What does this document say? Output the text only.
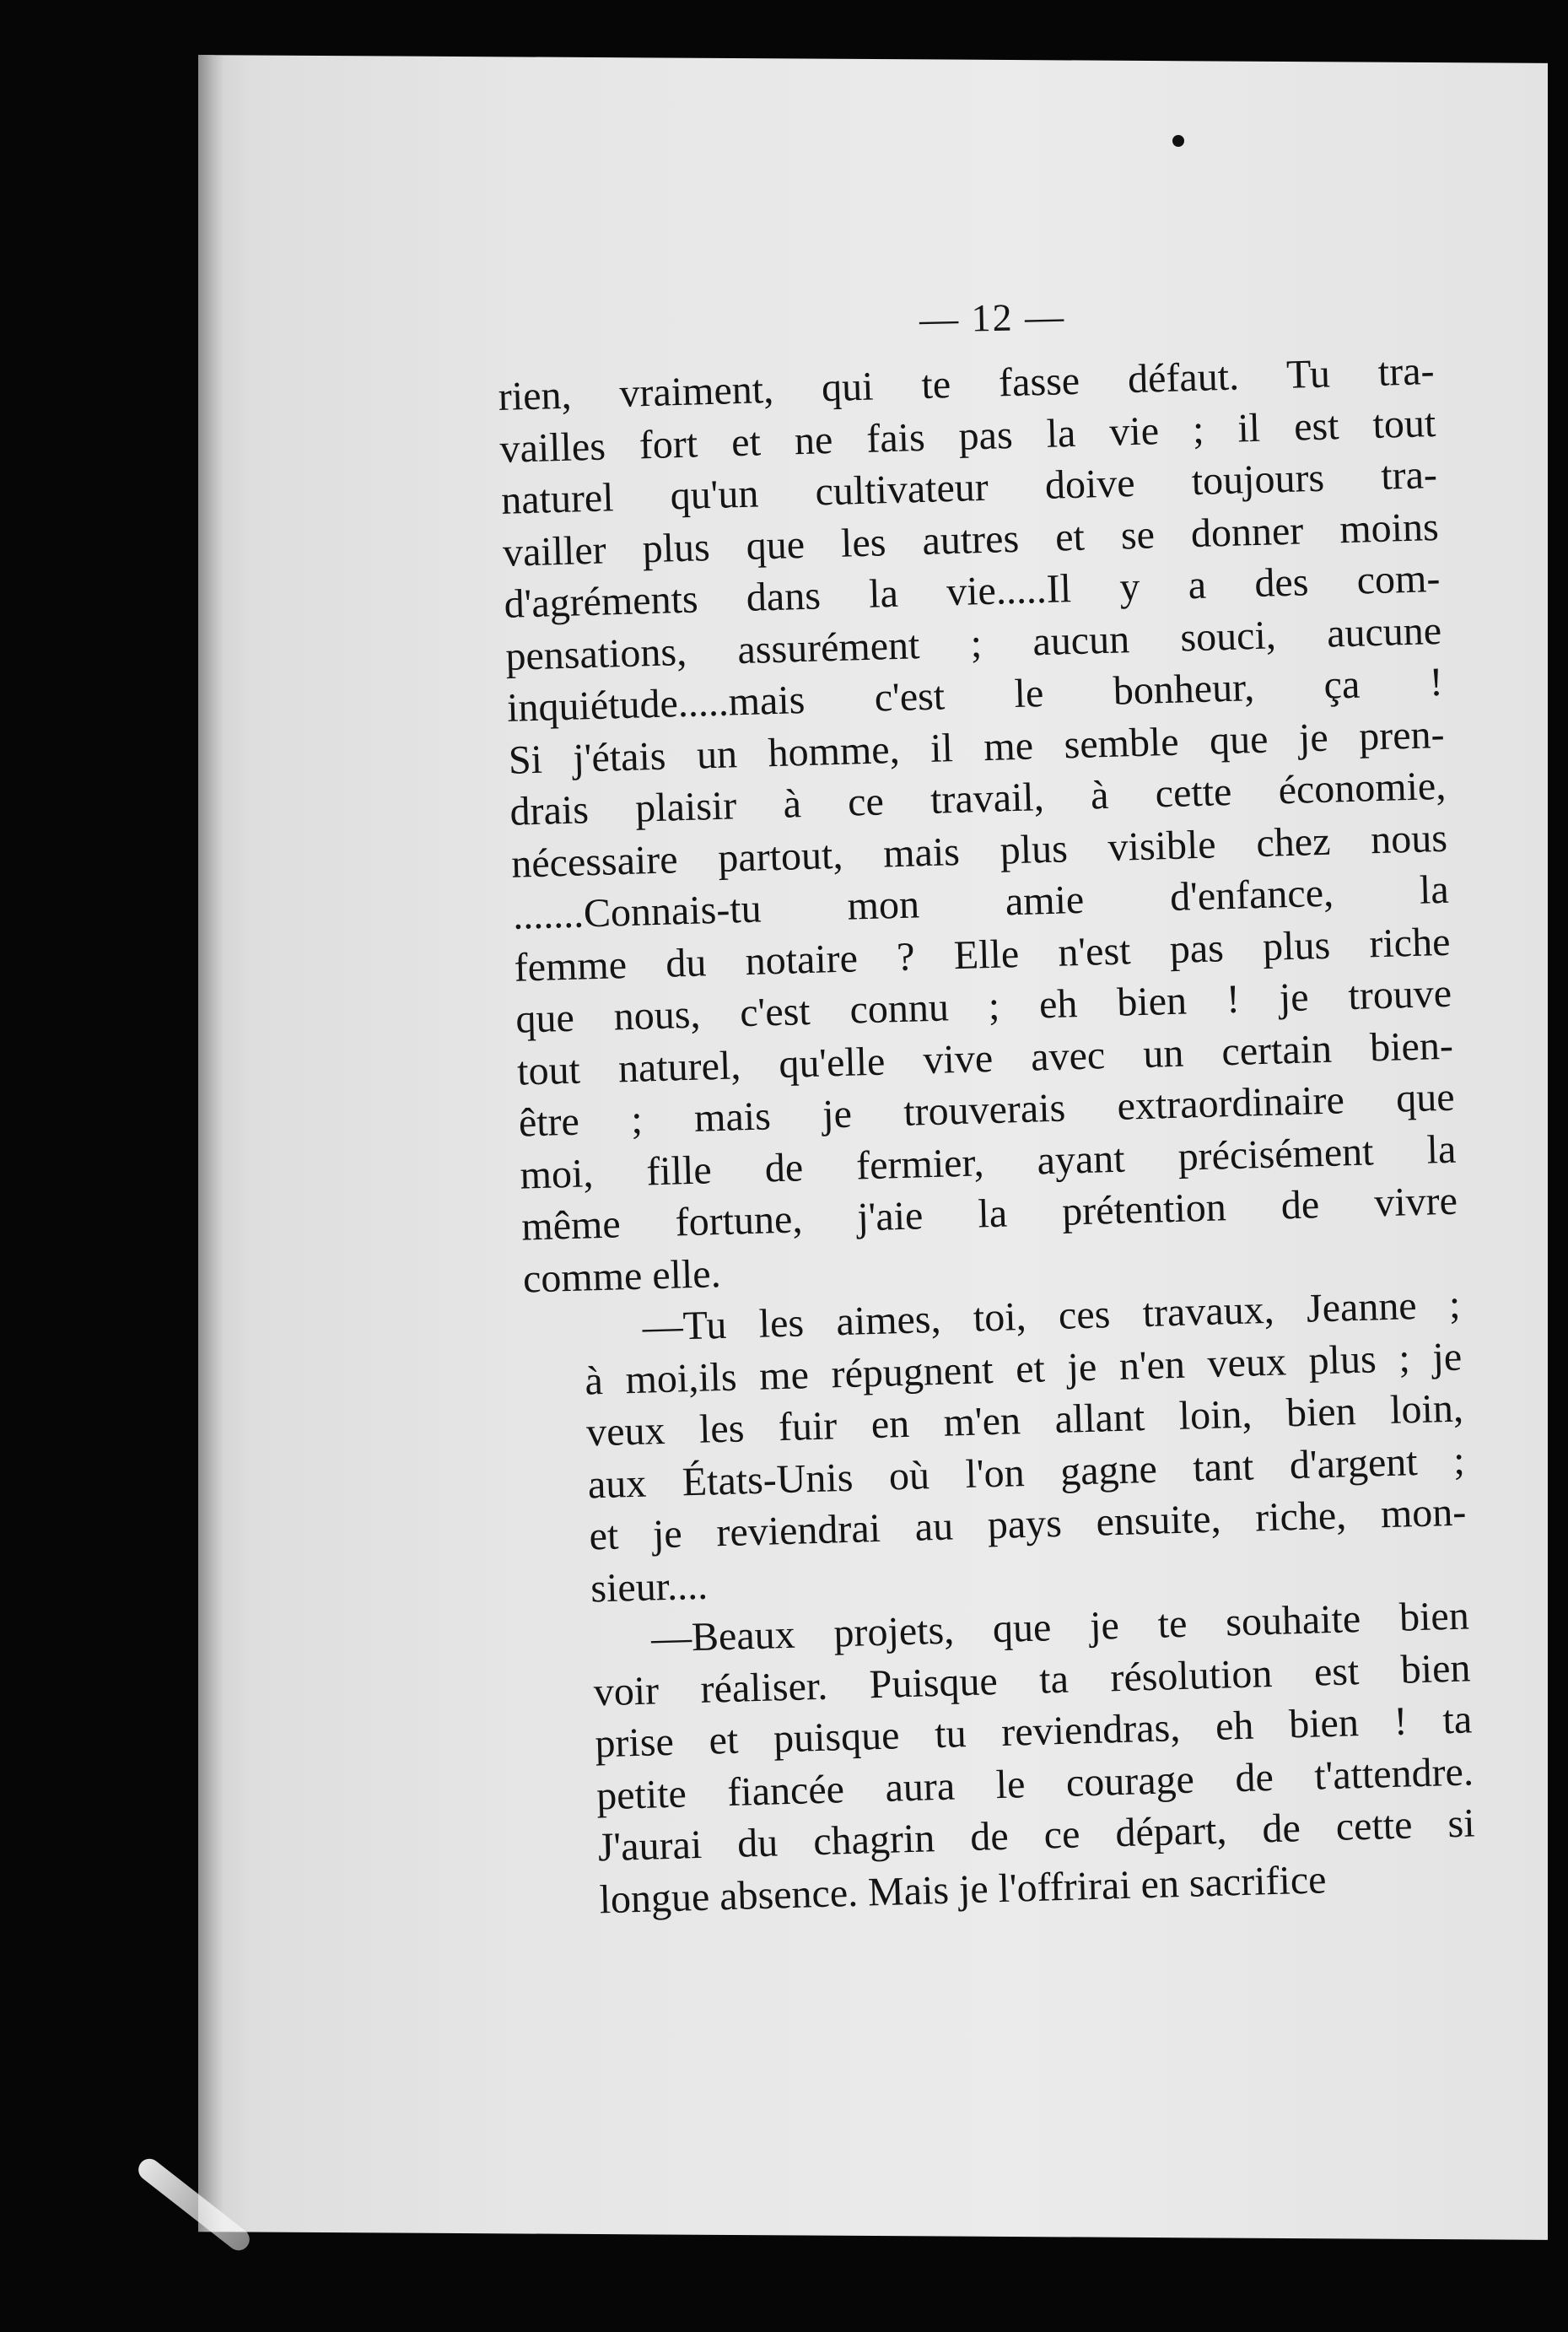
— 12 —

rien, vraiment, qui te fasse défaut. Tu tra-
vailles fort et ne fais pas la vie ; il est tout
naturel qu'un cultivateur doive toujours tra-
vailler plus que les autres et se donner moins
d'agréments dans la vie.....Il y a des com-
pensations, assurément ; aucun souci, aucune
inquiétude.....mais c'est le bonheur, ça !
Si j'étais un homme, il me semble que je pren-
drais plaisir à ce travail, à cette économie,
nécessaire partout, mais plus visible chez nous
.......Connais-tu mon amie d'enfance, la
femme du notaire ? Elle n'est pas plus riche
que nous, c'est connu ; eh bien ! je trouve
tout naturel, qu'elle vive avec un certain bien-
être ; mais je trouverais extraordinaire que
moi, fille de fermier, ayant précisément la
même fortune, j'aie la prétention de vivre
comme elle.

—Tu les aimes, toi, ces travaux, Jeanne ;
à moi,ils me répugnent et je n'en veux plus ; je
veux les fuir en m'en allant loin, bien loin,
aux États-Unis où l'on gagne tant d'argent ;
et je reviendrai au pays ensuite, riche, mon-
sieur....

—Beaux projets, que je te souhaite bien
voir réaliser. Puisque ta résolution est bien
prise et puisque tu reviendras, eh bien ! ta
petite fiancée aura le courage de t'attendre.
J'aurai du chagrin de ce départ, de cette si
longue absence. Mais je l'offrirai en sacrifice
